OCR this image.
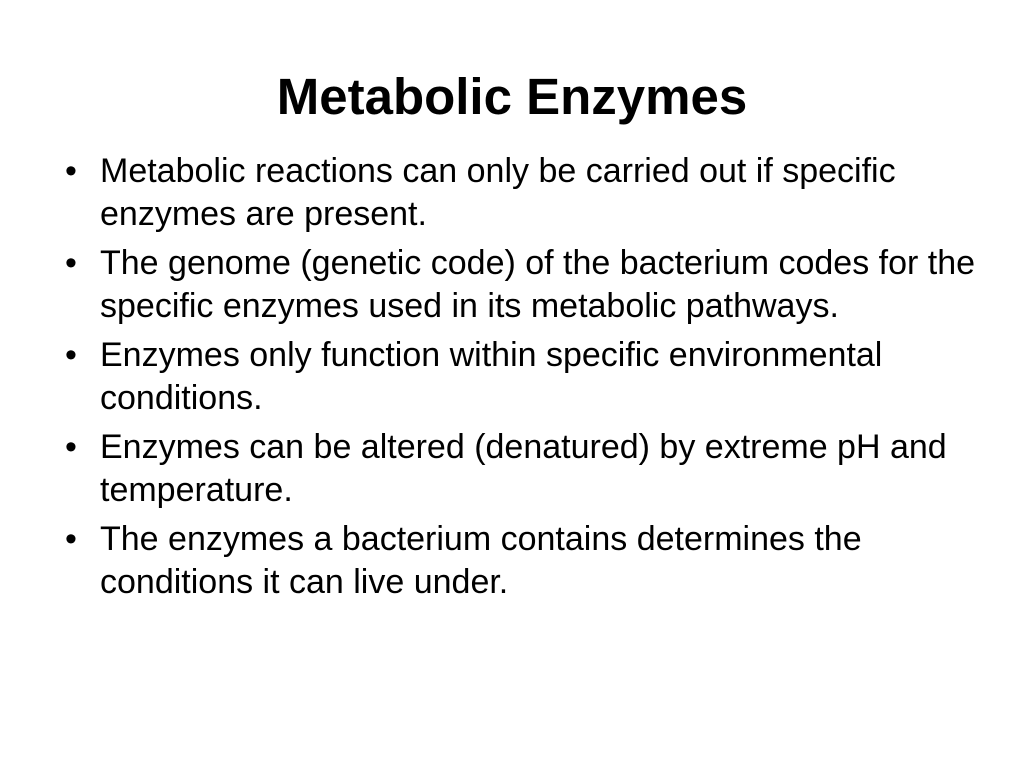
Metabolic Enzymes
• Metabolic reactions can only be carried out if specific enzymes are present.
• The genome (genetic code) of the bacterium codes for the specific enzymes used in its metabolic pathways.
• Enzymes only function within specific environmental conditions.
• Enzymes can be altered (denatured) by extreme pH and temperature.
• The enzymes a bacterium contains determines the conditions it can live under.
